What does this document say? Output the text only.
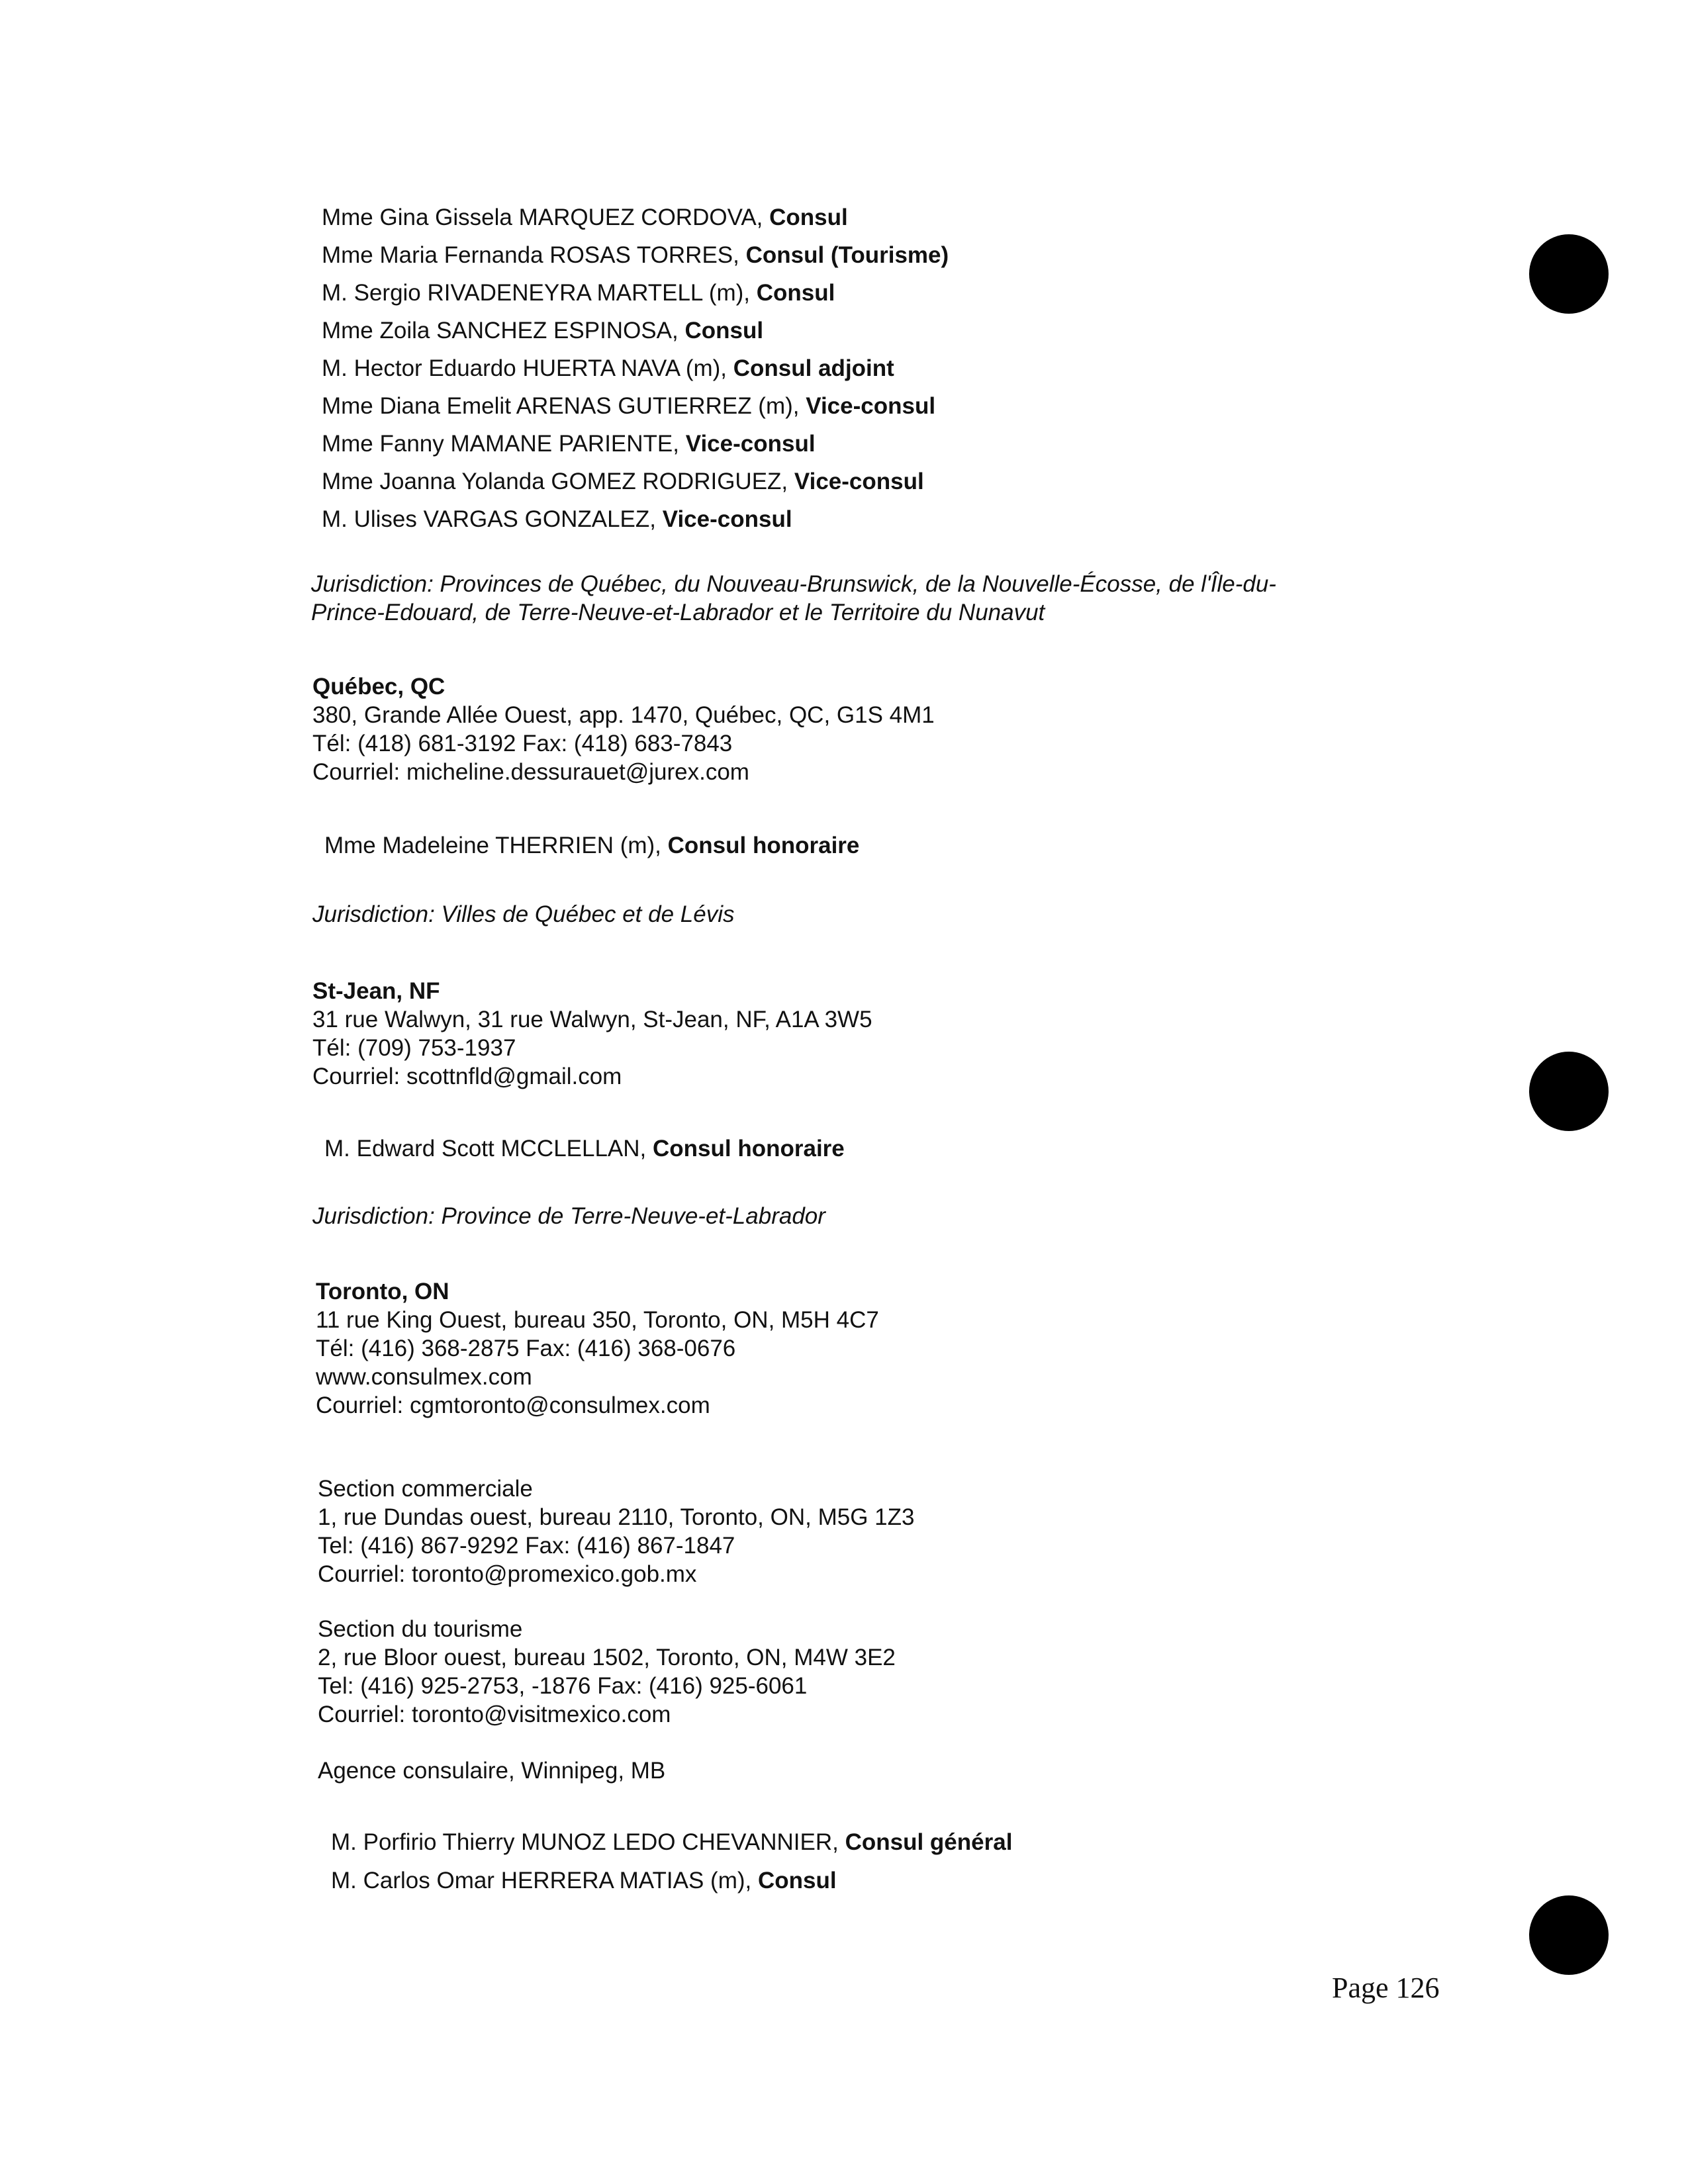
Mme Gina Gissela MARQUEZ CORDOVA, Consul
Mme Maria Fernanda ROSAS TORRES, Consul (Tourisme)
M. Sergio RIVADENEYRA MARTELL (m), Consul
Mme Zoila SANCHEZ ESPINOSA, Consul
M. Hector Eduardo HUERTA NAVA (m), Consul adjoint
Mme Diana Emelit ARENAS GUTIERREZ (m), Vice-consul
Mme Fanny MAMANE PARIENTE, Vice-consul
Mme Joanna Yolanda GOMEZ RODRIGUEZ, Vice-consul
M. Ulises VARGAS GONZALEZ, Vice-consul
Jurisdiction: Provinces de Québec, du Nouveau-Brunswick, de la Nouvelle-Écosse, de l'Île-du-
Prince-Edouard, de Terre-Neuve-et-Labrador et le Territoire du Nunavut
Québec, QC
380, Grande Allée Ouest, app. 1470, Québec, QC, G1S 4M1
Tél: (418) 681-3192 Fax: (418) 683-7843
Courriel: micheline.dessurauet@jurex.com
Mme Madeleine THERRIEN (m), Consul honoraire
Jurisdiction: Villes de Québec et de Lévis
St-Jean, NF
31 rue Walwyn, 31 rue Walwyn, St-Jean, NF, A1A 3W5
Tél: (709) 753-1937
Courriel: scottnfld@gmail.com
M. Edward Scott MCCLELLAN, Consul honoraire
Jurisdiction: Province de Terre-Neuve-et-Labrador
Toronto, ON
11 rue King Ouest, bureau 350, Toronto, ON, M5H 4C7
Tél: (416) 368-2875 Fax: (416) 368-0676
www.consulmex.com
Courriel: cgmtoronto@consulmex.com
Section commerciale
1, rue Dundas ouest, bureau 2110, Toronto, ON, M5G 1Z3
Tel: (416) 867-9292 Fax: (416) 867-1847
Courriel: toronto@promexico.gob.mx
Section du tourisme
2, rue Bloor ouest, bureau 1502, Toronto, ON, M4W 3E2
Tel: (416) 925-2753, -1876 Fax: (416) 925-6061
Courriel: toronto@visitmexico.com
Agence consulaire, Winnipeg, MB
M. Porfirio Thierry MUNOZ LEDO CHEVANNIER, Consul général
M. Carlos Omar HERRERA MATIAS (m), Consul
Page 126
